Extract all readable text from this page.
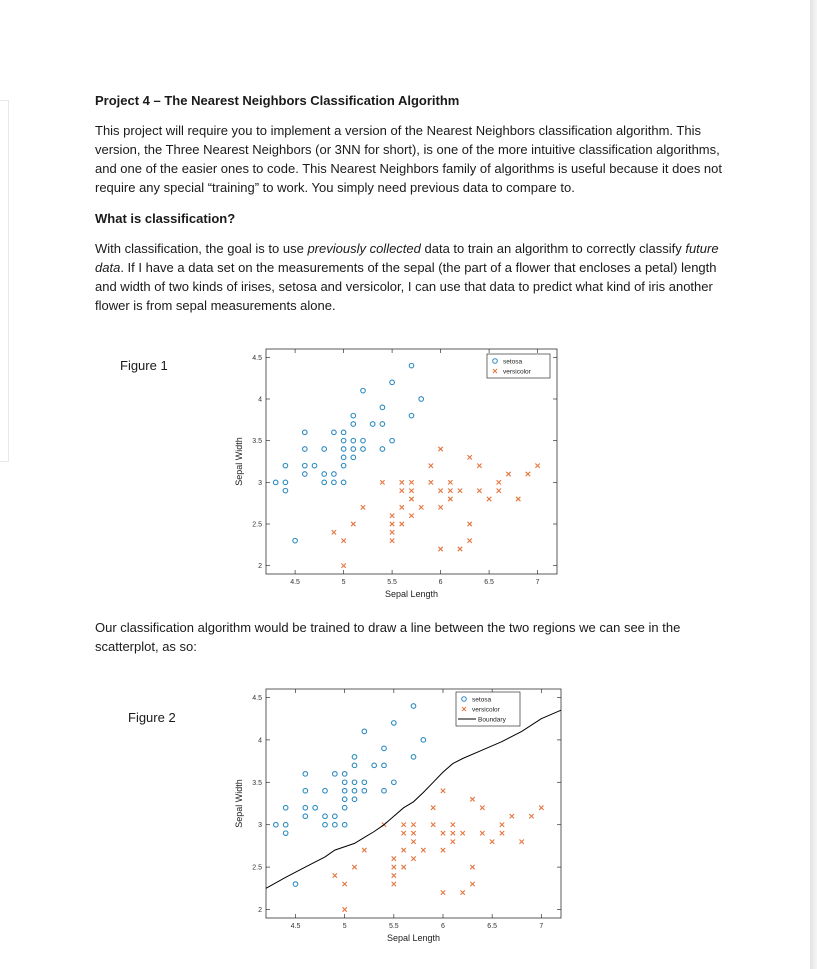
Project 4 – The Nearest Neighbors Classification Algorithm

This project will require you to implement a version of the Nearest Neighbors classification algorithm. This version, the Three Nearest Neighbors (or 3NN for short), is one of the more intuitive classification algorithms, and one of the easier ones to code. This Nearest Neighbors family of algorithms is useful because it does not require any special “training” to work. You simply need previous data to compare to.

What is classification?

With classification, the goal is to use previously collected data to train an algorithm to correctly classify future data. If I have a data set on the measurements of the sepal (the part of a flower that encloses a petal) length and width of two kinds of irises, setosa and versicolor, I can use that data to predict what kind of iris another flower is from sepal measurements alone.

Figure 1
4.5	5	5.5	6	6.5	7
2
2.5
3
3.5
4
4.5
Sepal Length
Sepal Width
setosa
versicolor

Our classification algorithm would be trained to draw a line between the two regions we can see in the scatterplot, as so:

Figure 2
4.5	5	5.5	6	6.5	7
2
2.5
3
3.5
4
4.5
Sepal Length
Sepal Width
setosa
versicolor
Boundary
